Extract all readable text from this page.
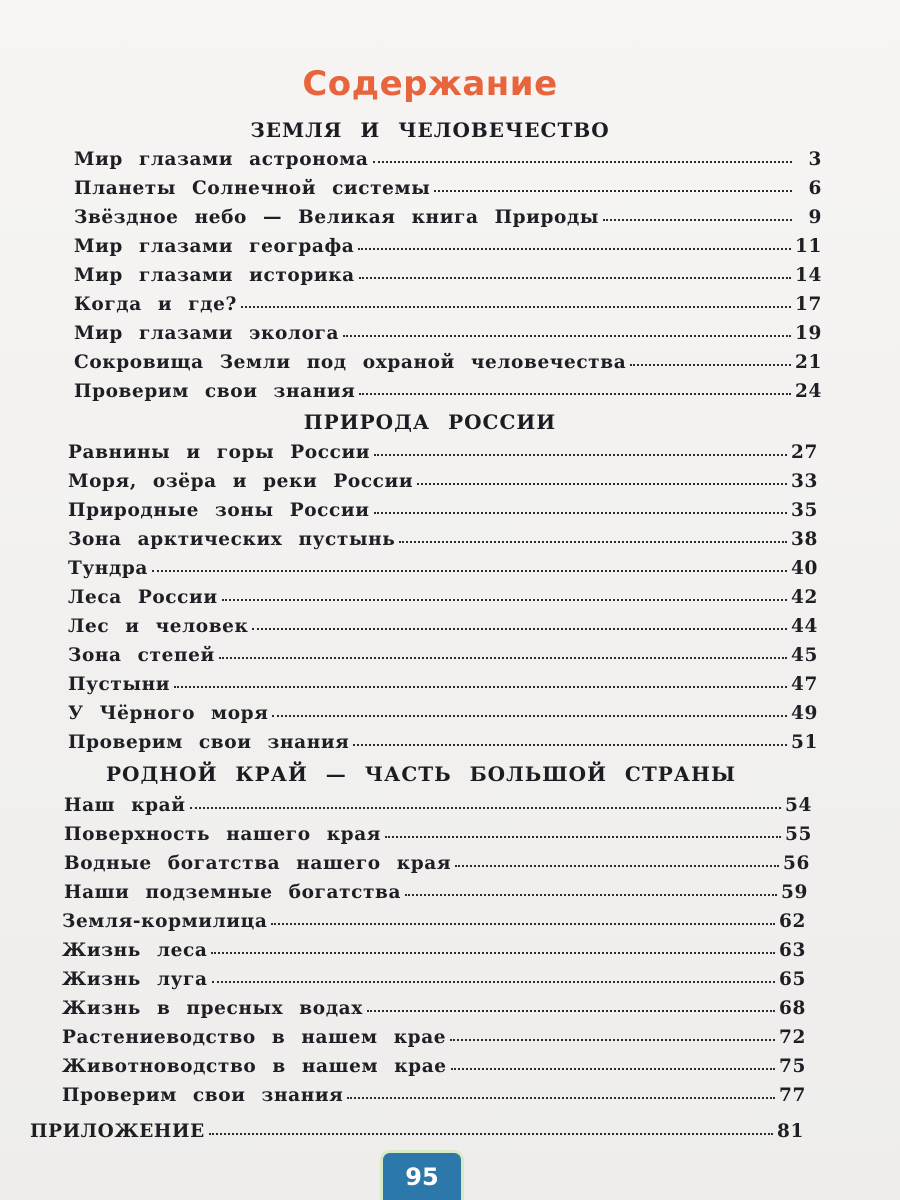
Содержание
ЗЕМЛЯ И ЧЕЛОВЕЧЕСТВО
Мир глазами астронома	3
Планеты Солнечной системы	6
Звёздное небо — Великая книга Природы	9
Мир глазами географа	11
Мир глазами историка	14
Когда и где?	17
Мир глазами эколога	19
Сокровища Земли под охраной человечества	21
Проверим свои знания	24
ПРИРОДА РОССИИ
Равнины и горы России	27
Моря, озёра и реки России	33
Природные зоны России	35
Зона арктических пустынь	38
Тундра	40
Леса России	42
Лес и человек	44
Зона степей	45
Пустыни	47
У Чёрного моря	49
Проверим свои знания	51
РОДНОЙ КРАЙ — ЧАСТЬ БОЛЬШОЙ СТРАНЫ
Наш край	54
Поверхность нашего края	55
Водные богатства нашего края	56
Наши подземные богатства	59
Земля-кормилица	62
Жизнь леса	63
Жизнь луга	65
Жизнь в пресных водах	68
Растениеводство в нашем крае	72
Животноводство в нашем крае	75
Проверим свои знания	77
ПРИЛОЖЕНИЕ	81
95
